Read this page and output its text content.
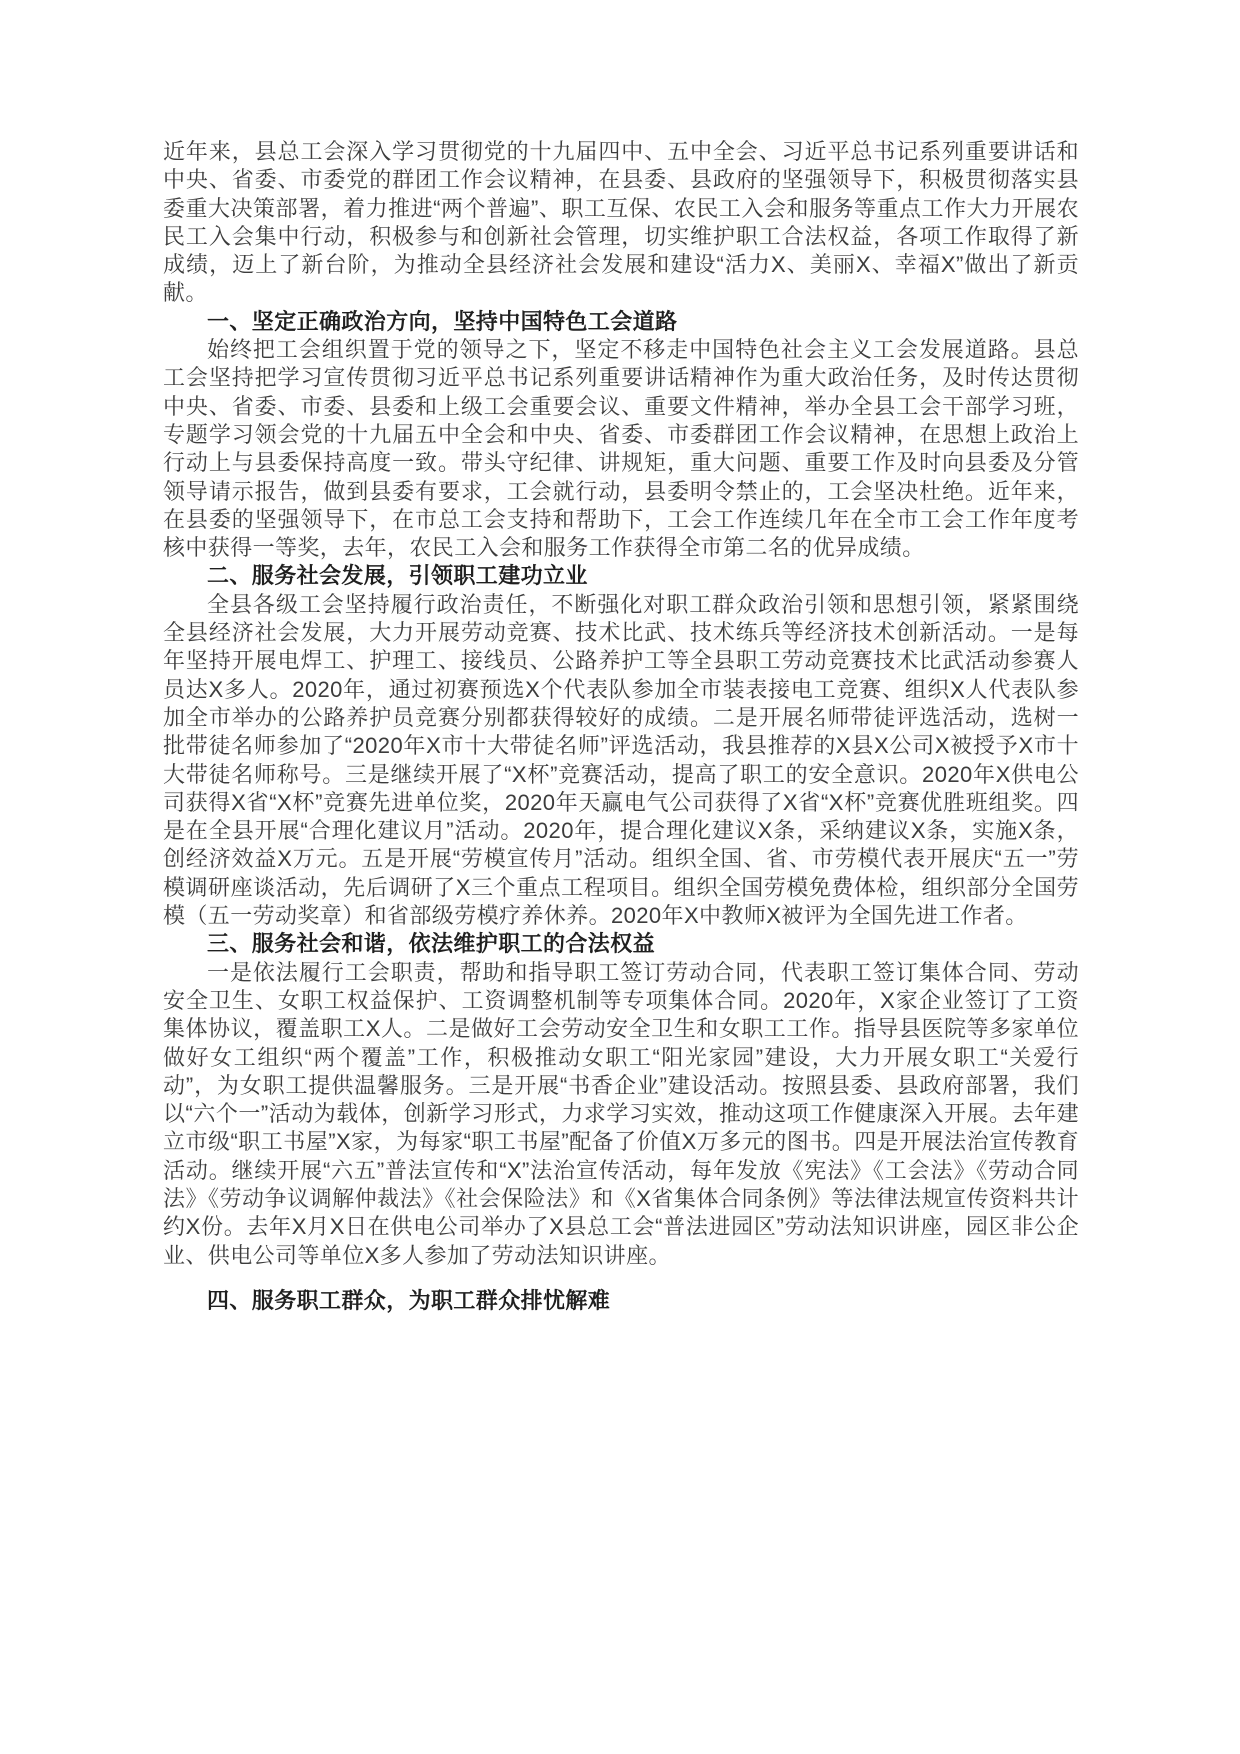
近年来，县总工会深入学习贯彻党的十九届四中、五中全会、习近平总书记系列重要讲话和中央、省委、市委党的群团工作会议精神，在县委、县政府的坚强领导下，积极贯彻落实县委重大决策部署，着力推进“两个普遍”、职工互保、农民工入会和服务等重点工作大力开展农民工入会集中行动，积极参与和创新社会管理，切实维护职工合法权益，各项工作取得了新成绩，迈上了新台阶，为推动全县经济社会发展和建设“活力X、美丽X、幸福X”做出了新贡献。

一、坚定正确政治方向，坚持中国特色工会道路

始终把工会组织置于党的领导之下，坚定不移走中国特色社会主义工会发展道路。县总工会坚持把学习宣传贯彻习近平总书记系列重要讲话精神作为重大政治任务，及时传达贯彻中央、省委、市委、县委和上级工会重要会议、重要文件精神，举办全县工会干部学习班，专题学习领会党的十九届五中全会和中央、省委、市委群团工作会议精神，在思想上政治上行动上与县委保持高度一致。带头守纪律、讲规矩，重大问题、重要工作及时向县委及分管领导请示报告，做到县委有要求，工会就行动，县委明令禁止的，工会坚决杜绝。近年来，在县委的坚强领导下，在市总工会支持和帮助下，工会工作连续几年在全市工会工作年度考核中获得一等奖，去年，农民工入会和服务工作获得全市第二名的优异成绩。

二、服务社会发展，引领职工建功立业

全县各级工会坚持履行政治责任，不断强化对职工群众政治引领和思想引领，紧紧围绕全县经济社会发展，大力开展劳动竞赛、技术比武、技术练兵等经济技术创新活动。一是每年坚持开展电焊工、护理工、接线员、公路养护工等全县职工劳动竞赛技术比武活动参赛人员达X多人。2020年，通过初赛预选X个代表队参加全市装表接电工竞赛、组织X人代表队参加全市举办的公路养护员竞赛分别都获得较好的成绩。二是开展名师带徒评选活动，选树一批带徒名师参加了“2020年X市十大带徒名师”评选活动，我县推荐的X县X公司X被授予X市十大带徒名师称号。三是继续开展了“X杯”竞赛活动，提高了职工的安全意识。2020年X供电公司获得X省“X杯”竞赛先进单位奖，2020年天赢电气公司获得了X省“X杯”竞赛优胜班组奖。四是在全县开展“合理化建议月”活动。2020年，提合理化建议X条，采纳建议X条，实施X条，创经济效益X万元。五是开展“劳模宣传月”活动。组织全国、省、市劳模代表开展庆“五一”劳模调研座谈活动，先后调研了X三个重点工程项目。组织全国劳模免费体检，组织部分全国劳模（五一劳动奖章）和省部级劳模疗养休养。2020年X中教师X被评为全国先进工作者。

三、服务社会和谐，依法维护职工的合法权益

一是依法履行工会职责，帮助和指导职工签订劳动合同，代表职工签订集体合同、劳动安全卫生、女职工权益保护、工资调整机制等专项集体合同。2020年，X家企业签订了工资集体协议，覆盖职工X人。二是做好工会劳动安全卫生和女职工工作。指导县医院等多家单位做好女工组织“两个覆盖”工作，积极推动女职工“阳光家园”建设，大力开展女职工“关爱行动”，为女职工提供温馨服务。三是开展“书香企业”建设活动。按照县委、县政府部署，我们以“六个一”活动为载体，创新学习形式，力求学习实效，推动这项工作健康深入开展。去年建立市级“职工书屋”X家，为每家“职工书屋”配备了价值X万多元的图书。四是开展法治宣传教育活动。继续开展“六五”普法宣传和“X”法治宣传活动，每年发放《宪法》《工会法》《劳动合同法》《劳动争议调解仲裁法》《社会保险法》和《X省集体合同条例》等法律法规宣传资料共计约X份。去年X月X日在供电公司举办了X县总工会“普法进园区”劳动法知识讲座，园区非公企业、供电公司等单位X多人参加了劳动法知识讲座。

四、服务职工群众，为职工群众排忧解难
